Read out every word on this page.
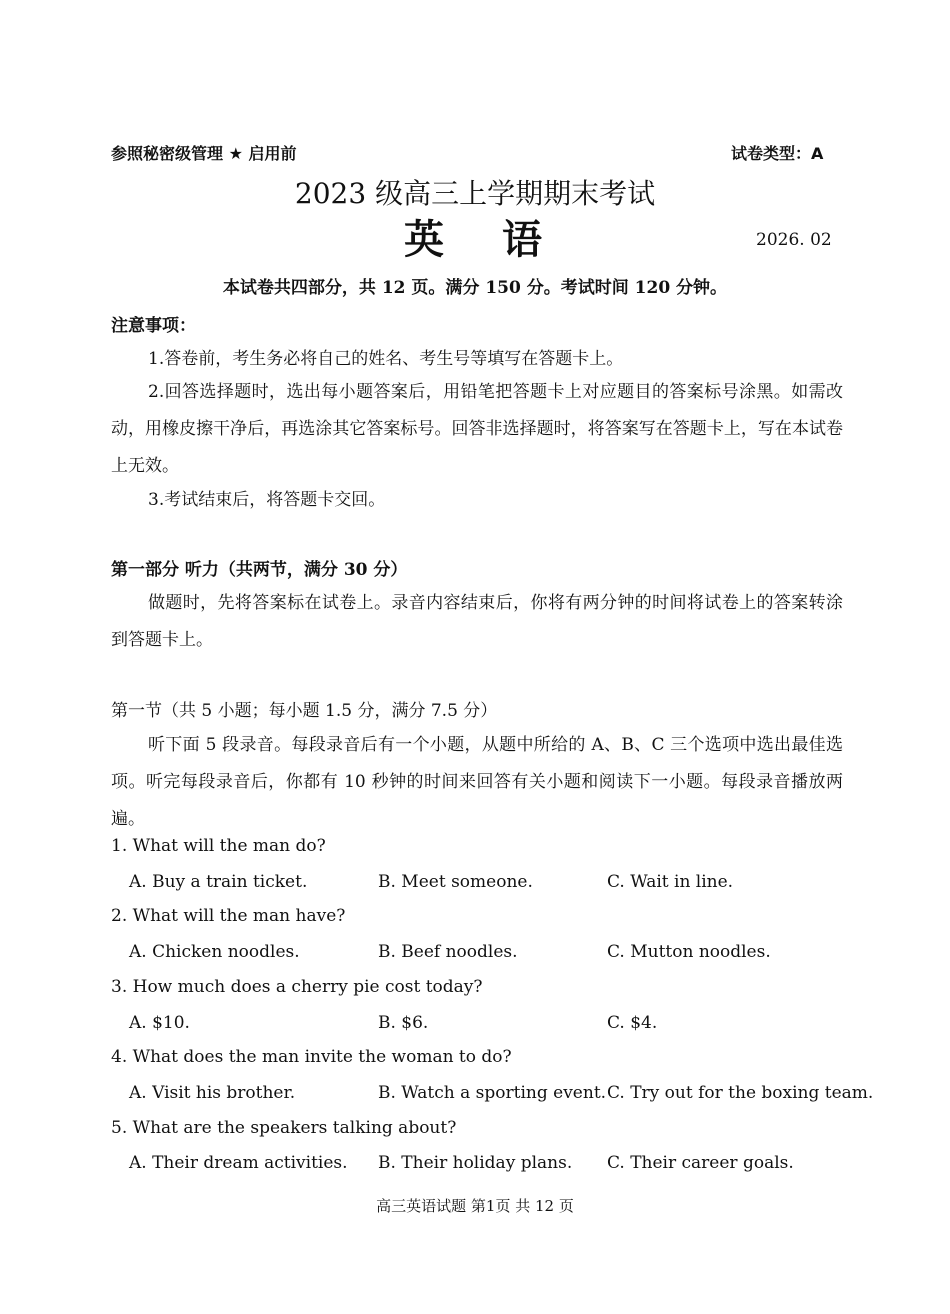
参照秘密级管理 ★ 启用前	试卷类型：A
2023 级高三上学期期末考试
英语	2026. 02
本试卷共四部分，共 12 页。满分 150 分。考试时间 120 分钟。
注意事项：
1.答卷前，考生务必将自己的姓名、考生号等填写在答题卡上。
2.回答选择题时，选出每小题答案后，用铅笔把答题卡上对应题目的答案标号涂黑。如需改动，用橡皮擦干净后，再选涂其它答案标号。回答非选择题时，将答案写在答题卡上，写在本试卷上无效。
3.考试结束后，将答题卡交回。
第一部分 听力（共两节，满分 30 分）
做题时，先将答案标在试卷上。录音内容结束后，你将有两分钟的时间将试卷上的答案转涂到答题卡上。
第一节（共 5 小题；每小题 1.5 分，满分 7.5 分）
听下面 5 段录音。每段录音后有一个小题，从题中所给的 A、B、C 三个选项中选出最佳选项。听完每段录音后，你都有 10 秒钟的时间来回答有关小题和阅读下一小题。每段录音播放两遍。
1. What will the man do?
A. Buy a train ticket.	B. Meet someone.	C. Wait in line.
2. What will the man have?
A. Chicken noodles.	B. Beef noodles.	C. Mutton noodles.
3. How much does a cherry pie cost today?
A. $10.	B. $6.	C. $4.
4. What does the man invite the woman to do?
A. Visit his brother.	B. Watch a sporting event. C. Try out for the boxing team.
5. What are the speakers talking about?
A. Their dream activities. B. Their holiday plans. C. Their career goals.
高三英语试题 第1页 共 12 页
